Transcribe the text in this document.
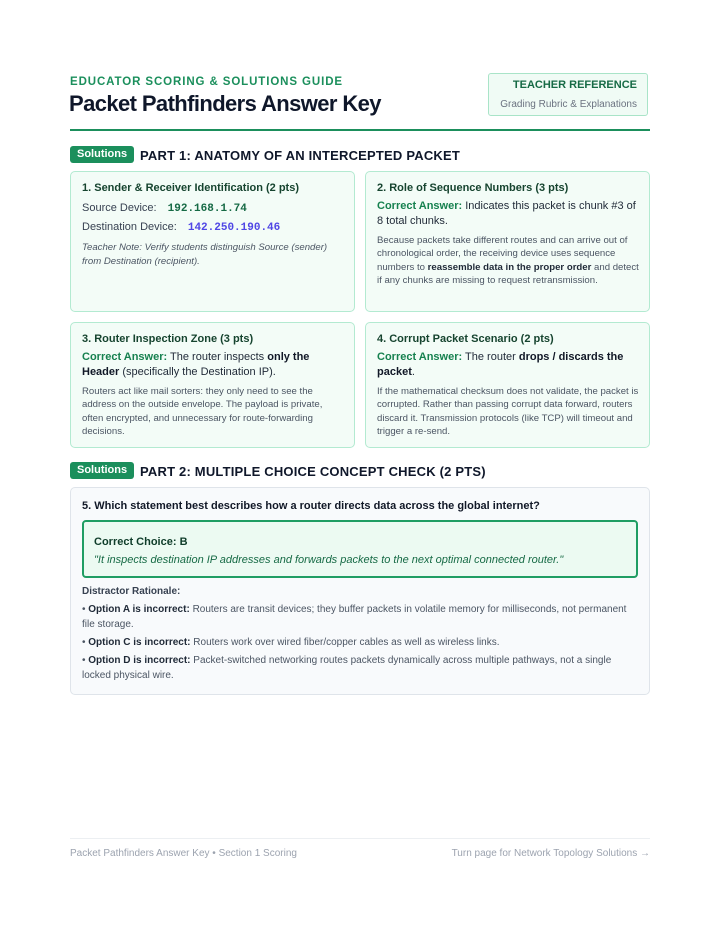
EDUCATOR SCORING & SOLUTIONS GUIDE
Packet Pathfinders Answer Key
TEACHER REFERENCE
Grading Rubric & Explanations
Solutions PART 1: ANATOMY OF AN INTERCEPTED PACKET
1. Sender & Receiver Identification (2 pts)
Source Device: 192.168.1.74
Destination Device: 142.250.190.46
Teacher Note: Verify students distinguish Source (sender) from Destination (recipient).
2. Role of Sequence Numbers (3 pts)
Correct Answer: Indicates this packet is chunk #3 of 8 total chunks.
Because packets take different routes and can arrive out of chronological order, the receiving device uses sequence numbers to reassemble data in the proper order and detect if any chunks are missing to request retransmission.
3. Router Inspection Zone (3 pts)
Correct Answer: The router inspects only the Header (specifically the Destination IP).
Routers act like mail sorters: they only need to see the address on the outside envelope. The payload is private, often encrypted, and unnecessary for route-forwarding decisions.
4. Corrupt Packet Scenario (2 pts)
Correct Answer: The router drops / discards the packet.
If the mathematical checksum does not validate, the packet is corrupted. Rather than passing corrupt data forward, routers discard it. Transmission protocols (like TCP) will timeout and trigger a re-send.
Solutions PART 2: MULTIPLE CHOICE CONCEPT CHECK (2 PTS)
5. Which statement best describes how a router directs data across the global internet?
Correct Choice: B
"It inspects destination IP addresses and forwards packets to the next optimal connected router."
Distractor Rationale:
• Option A is incorrect: Routers are transit devices; they buffer packets in volatile memory for milliseconds, not permanent file storage.
• Option C is incorrect: Routers work over wired fiber/copper cables as well as wireless links.
• Option D is incorrect: Packet-switched networking routes packets dynamically across multiple pathways, not a single locked physical wire.
Packet Pathfinders Answer Key • Section 1 Scoring	Turn page for Network Topology Solutions →
